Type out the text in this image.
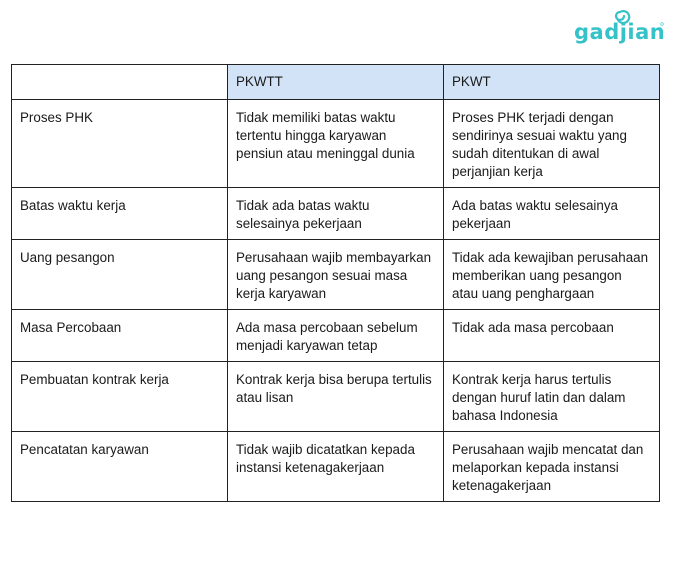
gadjian
	PKWTT	PKWT
Proses PHK	Tidak memiliki batas waktu tertentu hingga karyawan pensiun atau meninggal dunia	Proses PHK terjadi dengan sendirinya sesuai waktu yang sudah ditentukan di awal perjanjian kerja
Batas waktu kerja	Tidak ada batas waktu selesainya pekerjaan	Ada batas waktu selesainya pekerjaan
Uang pesangon	Perusahaan wajib membayarkan uang pesangon sesuai masa kerja karyawan	Tidak ada kewajiban perusahaan memberikan uang pesangon atau uang penghargaan
Masa Percobaan	Ada masa percobaan sebelum menjadi karyawan tetap	Tidak ada masa percobaan
Pembuatan kontrak kerja	Kontrak kerja bisa berupa tertulis atau lisan	Kontrak kerja harus tertulis dengan huruf latin dan dalam bahasa Indonesia
Pencatatan karyawan	Tidak wajib dicatatkan kepada instansi ketenagakerjaan	Perusahaan wajib mencatat dan melaporkan kepada instansi ketenagakerjaan
